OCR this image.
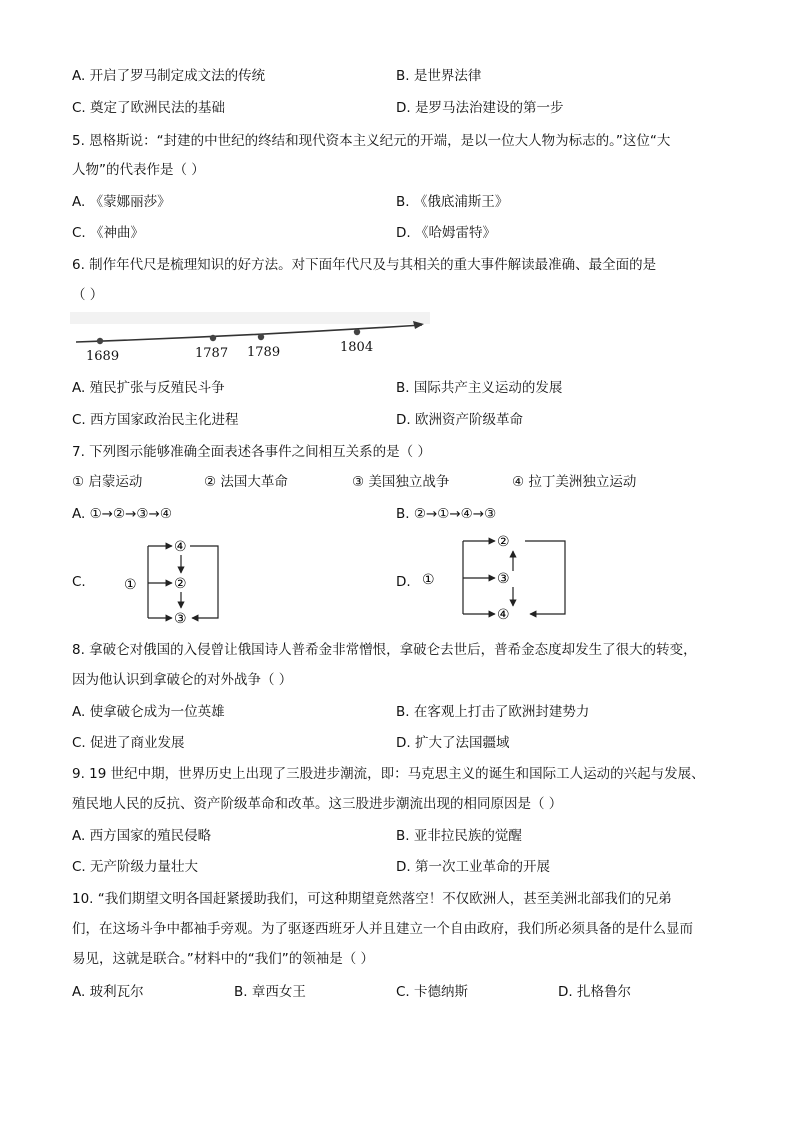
A. 开启了罗马制定成文法的传统	B. 是世界法律
C. 奠定了欧洲民法的基础	D. 是罗马法治建设的第一步
5. 恩格斯说：“封建的中世纪的终结和现代资本主义纪元的开端，是以一位大人物为标志的。”这位“大
人物”的代表作是（ ）
A. 《蒙娜丽莎》	B. 《俄底浦斯王》
C. 《神曲》	D. 《哈姆雷特》
6. 制作年代尺是梳理知识的好方法。对下面年代尺及与其相关的重大事件解读最准确、最全面的是
（ ）
1689	1787 1789	1804
A. 殖民扩张与反殖民斗争	B. 国际共产主义运动的发展
C. 西方国家政治民主化进程	D. 欧洲资产阶级革命
7. 下列图示能够准确全面表述各事件之间相互关系的是（ ）
① 启蒙运动	② 法国大革命	③ 美国独立战争	④ 拉丁美洲独立运动
A. ①→②→③→④	B. ②→①→④→③
C.	D.
①
④
②
③
①
②
③
④
8. 拿破仑对俄国的入侵曾让俄国诗人普希金非常憎恨，拿破仑去世后，普希金态度却发生了很大的转变，
因为他认识到拿破仑的对外战争（ ）
A. 使拿破仑成为一位英雄	B. 在客观上打击了欧洲封建势力
C. 促进了商业发展	D. 扩大了法国疆域
9. 19 世纪中期，世界历史上出现了三股进步潮流，即：马克思主义的诞生和国际工人运动的兴起与发展、
殖民地人民的反抗、资产阶级革命和改革。这三股进步潮流出现的相同原因是（ ）
A. 西方国家的殖民侵略	B. 亚非拉民族的觉醒
C. 无产阶级力量壮大	D. 第一次工业革命的开展
10. “我们期望文明各国赶紧援助我们，可这种期望竟然落空！不仅欧洲人，甚至美洲北部我们的兄弟
们，在这场斗争中都袖手旁观。为了驱逐西班牙人并且建立一个自由政府，我们所必须具备的是什么显而
易见，这就是联合。”材料中的“我们”的领袖是（ ）
A. 玻利瓦尔	B. 章西女王	C. 卡德纳斯	D. 扎格鲁尔
